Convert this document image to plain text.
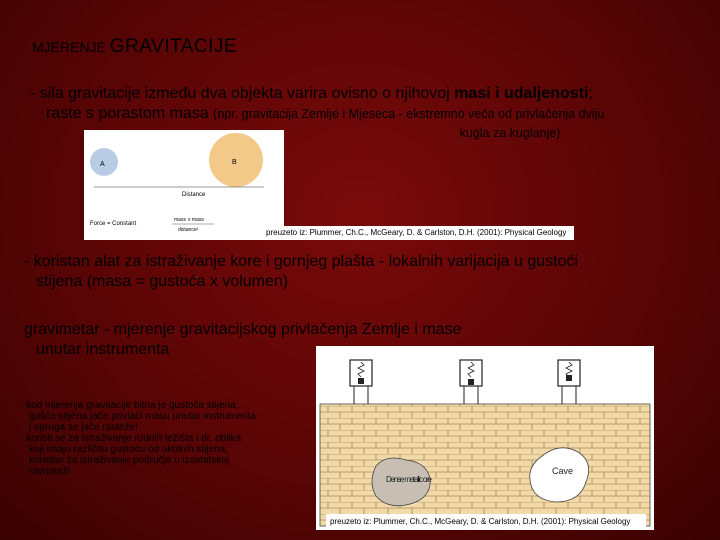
MJERENJE GRAVITACIJE
- sila gravitacije između dva objekta varira ovisno o njihovoj masi i udaljenosti;
raste s porastom masa (npr. gravitacija Zemlje i Mjeseca - ekstremno veća od privlačenja dviju
kugla za kuglanje)
A	B
Distance
Force = Constant
mass x mass
distance²	preuzeto iz: Plummer, Ch.C., McGeary, D. & Carlston, D.H. (2001): Physical Geology
- koristan alat za istraživanje kore i gornjeg plašta - lokalnih varijacija u gustoći
stijena (masa = gustoća x volumen)
gravimetar - mjerenje gravitacijskog privlačenja Zemlje i mase
unutar instrumenta
Dense metallic ore
Cave
preuzeto iz: Plummer, Ch.C., McGeary, D. & Carlston, D.H. (2001): Physical Geology
- kod mjerenja gravitacije bitna je gustoća stijena;
gušća stijena jače privlači masu unutar instrumenta
i opruga se jače rasteže!
- koristi se za istraživanje rudnih ležišta i dr. oblika
koji imaju različitu gustoću od okolnih stijena;
koristan za istraživanje područja u izostatskoj
ravnoteži
